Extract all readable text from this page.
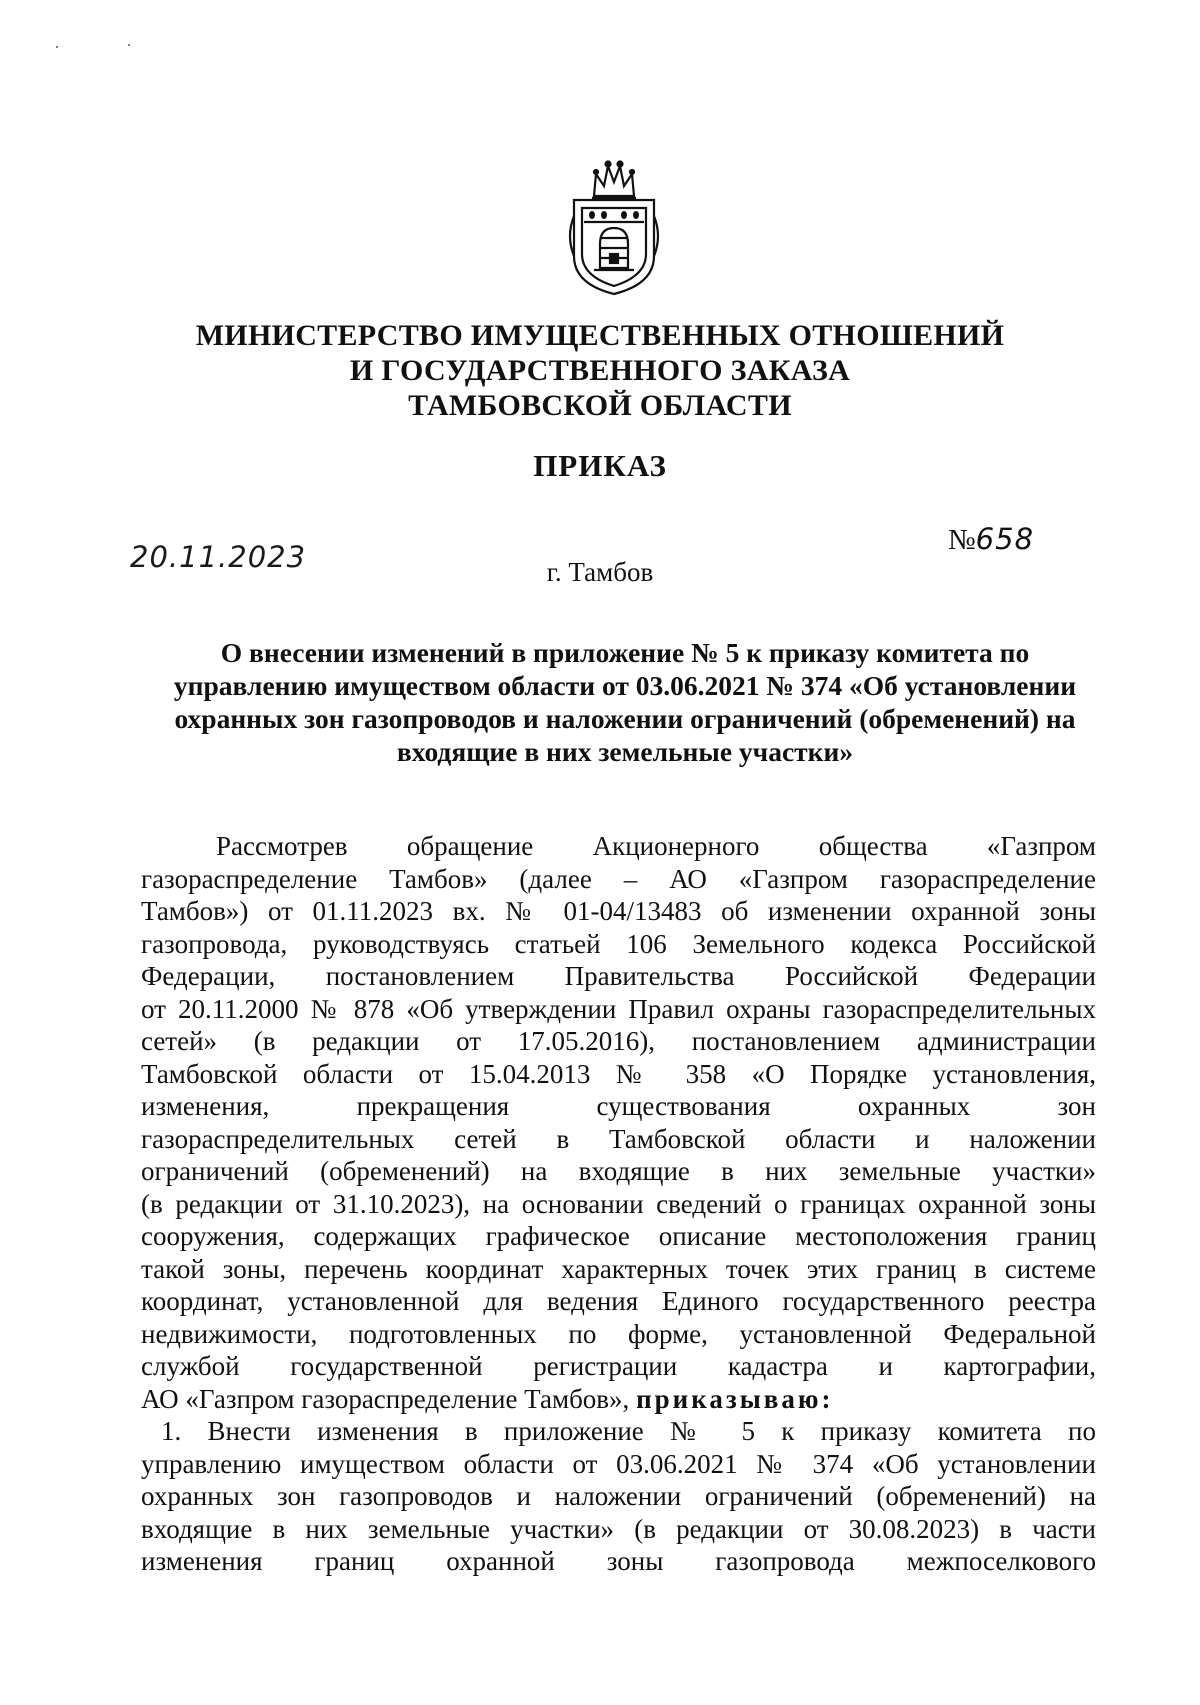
МИНИСТЕРСТВО ИМУЩЕСТВЕННЫХ ОТНОШЕНИЙ
И ГОСУДАРСТВЕННОГО ЗАКАЗА
ТАМБОВСКОЙ ОБЛАСТИ
ПРИКАЗ
20.11.2023	№658
г. Тамбов
О внесении изменений в приложение № 5 к приказу комитета по
управлению имуществом области от 03.06.2021 № 374 «Об установлении
охранных зон газопроводов и наложении ограничений (обременений) на
входящие в них земельные участки»
Рассмотрев обращение Акционерного общества «Газпром
газораспределение Тамбов» (далее – АО «Газпром газораспределение
Тамбов») от 01.11.2023 вх. № 01-04/13483 об изменении охранной зоны
газопровода, руководствуясь статьей 106 Земельного кодекса Российской
Федерации, постановлением Правительства Российской Федерации
от 20.11.2000 № 878 «Об утверждении Правил охраны газораспределительных
сетей» (в редакции от 17.05.2016), постановлением администрации
Тамбовской области от 15.04.2013 № 358 «О Порядке установления,
изменения, прекращения существования охранных зон
газораспределительных сетей в Тамбовской области и наложении
ограничений (обременений) на входящие в них земельные участки»
(в редакции от 31.10.2023), на основании сведений о границах охранной зоны
сооружения, содержащих графическое описание местоположения границ
такой зоны, перечень координат характерных точек этих границ в системе
координат, установленной для ведения Единого государственного реестра
недвижимости, подготовленных по форме, установленной Федеральной
службой государственной регистрации кадастра и картографии,
АО «Газпром газораспределение Тамбов», приказываю:
1. Внести изменения в приложение № 5 к приказу комитета по
управлению имуществом области от 03.06.2021 № 374 «Об установлении
охранных зон газопроводов и наложении ограничений (обременений) на
входящие в них земельные участки» (в редакции от 30.08.2023) в части
изменения границ охранной зоны газопровода межпоселкового
